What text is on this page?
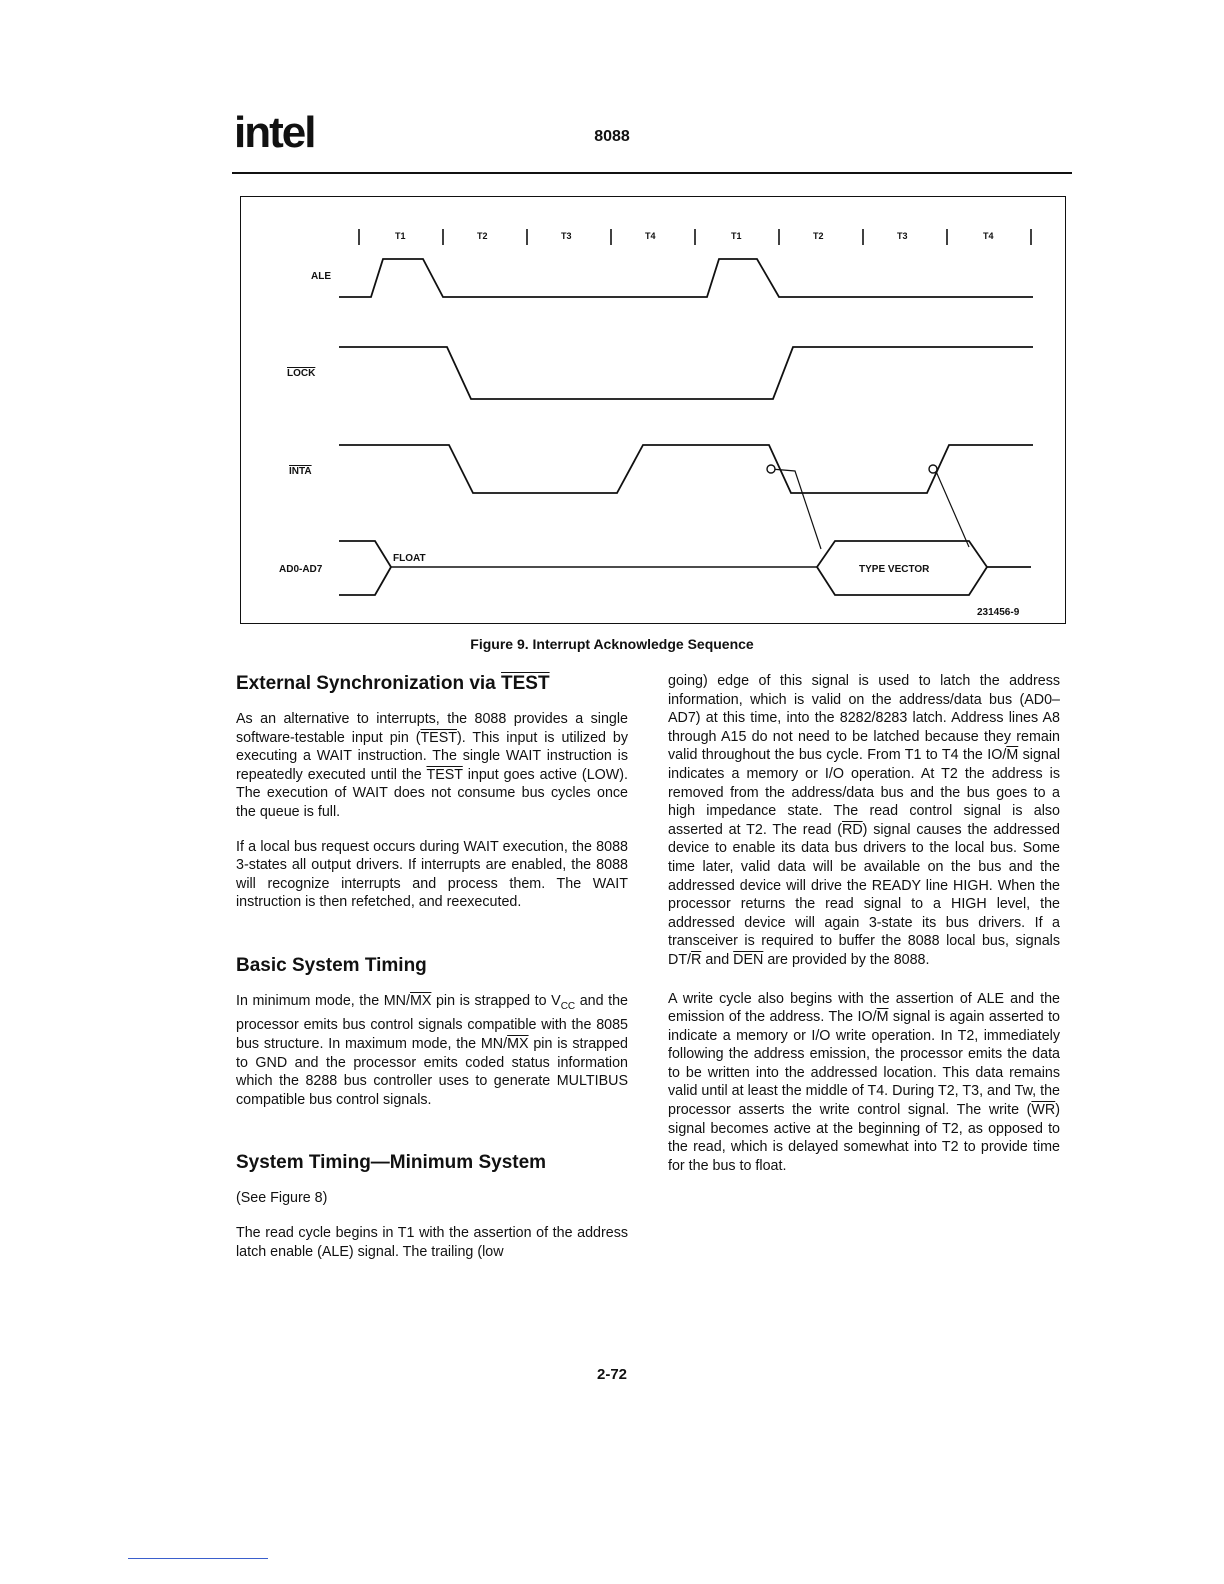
intel	8088
T1	T2	T3	T4	T1	T2	T3	T4
ALE
LOCK
INTA
AD0-AD7
FLOAT
TYPE VECTOR
231456-9
Figure 9. Interrupt Acknowledge Sequence
External Synchronization via TEST

As an alternative to interrupts, the 8088 provides a single software-testable input pin (TEST). This input is utilized by executing a WAIT instruction. The single WAIT instruction is repeatedly executed until the TEST input goes active (LOW). The execution of WAIT does not consume bus cycles once the queue is full.

If a local bus request occurs during WAIT execution, the 8088 3-states all output drivers. If interrupts are enabled, the 8088 will recognize interrupts and process them. The WAIT instruction is then refetched, and reexecuted.

Basic System Timing

In minimum mode, the $MN/\overline{MX}$ pin is strapped to $V_{CC}$ and the processor emits bus control signals compatible with the 8085 bus structure. In maximum mode, the $MN/\overline{MX}$ pin is strapped to GND and the processor emits coded status information which the 8288 bus controller uses to generate MULTIBUS compatible bus control signals.

System Timing—Minimum System

(See Figure 8)

The read cycle begins in T1 with the assertion of the address latch enable (ALE) signal. The trailing (low

going) edge of this signal is used to latch the address information, which is valid on the address/data bus (AD0–AD7) at this time, into the 8282/8283 latch. Address lines A8 through A15 do not need to be latched because they remain valid throughout the bus cycle. From T1 to T4 the $IO/\overline{M}$ signal indicates a memory or I/O operation. At T2 the address is removed from the address/data bus and the bus goes to a high impedance state. The read control signal is also asserted at T2. The read $(\overline{RD})$ signal causes the addressed device to enable its data bus drivers to the local bus. Some time later, valid data will be available on the bus and the addressed device will drive the READY line HIGH. When the processor returns the read signal to a HIGH level, the addressed device will again 3-state its bus drivers. If a transceiver is required to buffer the 8088 local bus, signals $DT/\overline{R}$ and $\overline{DEN}$ are provided by the 8088.

A write cycle also begins with the assertion of ALE and the emission of the address. The $IO/\overline{M}$ signal is again asserted to indicate a memory or I/O write operation. In T2, immediately following the address emission, the processor emits the data to be written into the addressed location. This data remains valid until at least the middle of T4. During T2, T3, and Tw, the processor asserts the write control signal. The write $(\overline{WR})$ signal becomes active at the beginning of T2, as opposed to the read, which is delayed somewhat into T2 to provide time for the bus to float.

2-72
